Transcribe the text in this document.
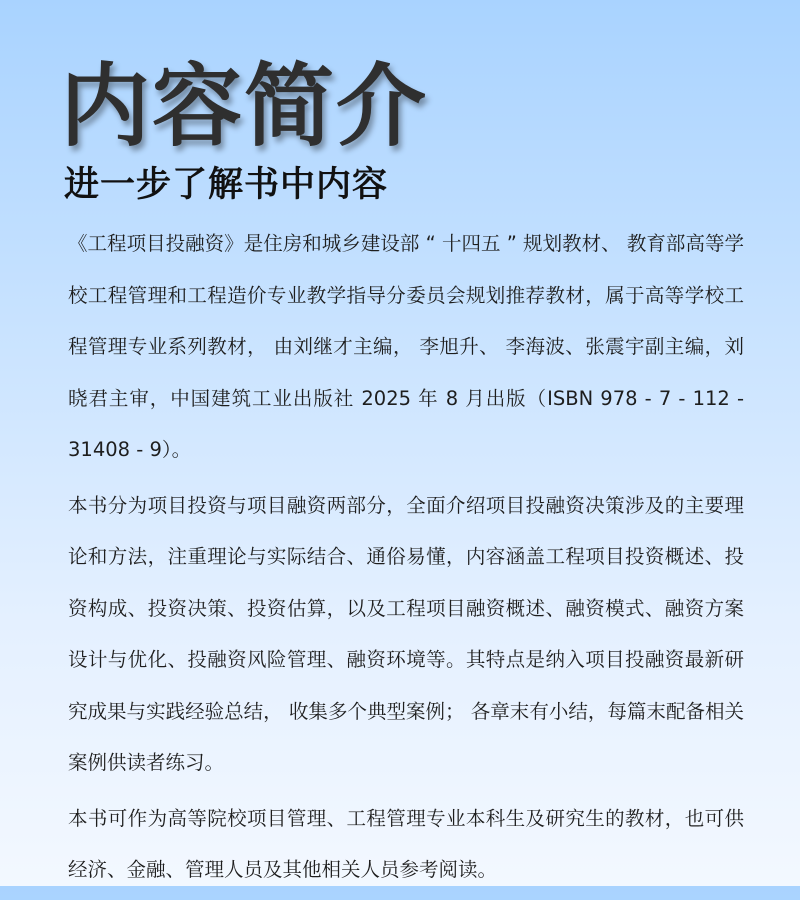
内容简介
进一步了解书中内容

《工程项目投融资》是住房和城乡建设部 “ 十四五 ” 规划教材、 教育部高等学校工程管理和工程造价专业教学指导分委员会规划推荐教材，属于高等学校工程管理专业系列教材， 由刘继才主编， 李旭升、 李海波、张震宇副主编，刘晓君主审，中国建筑工业出版社 2025 年 8 月出版（ISBN 978 - 7 - 112 - 31408 - 9）。

本书分为项目投资与项目融资两部分，全面介绍项目投融资决策涉及的主要理论和方法，注重理论与实际结合、通俗易懂，内容涵盖工程项目投资概述、投资构成、投资决策、投资估算，以及工程项目融资概述、融资模式、融资方案设计与优化、投融资风险管理、融资环境等。其特点是纳入项目投融资最新研究成果与实践经验总结， 收集多个典型案例； 各章末有小结，每篇末配备相关案例供读者练习。

本书可作为高等院校项目管理、工程管理专业本科生及研究生的教材，也可供经济、金融、管理人员及其他相关人员参考阅读。
